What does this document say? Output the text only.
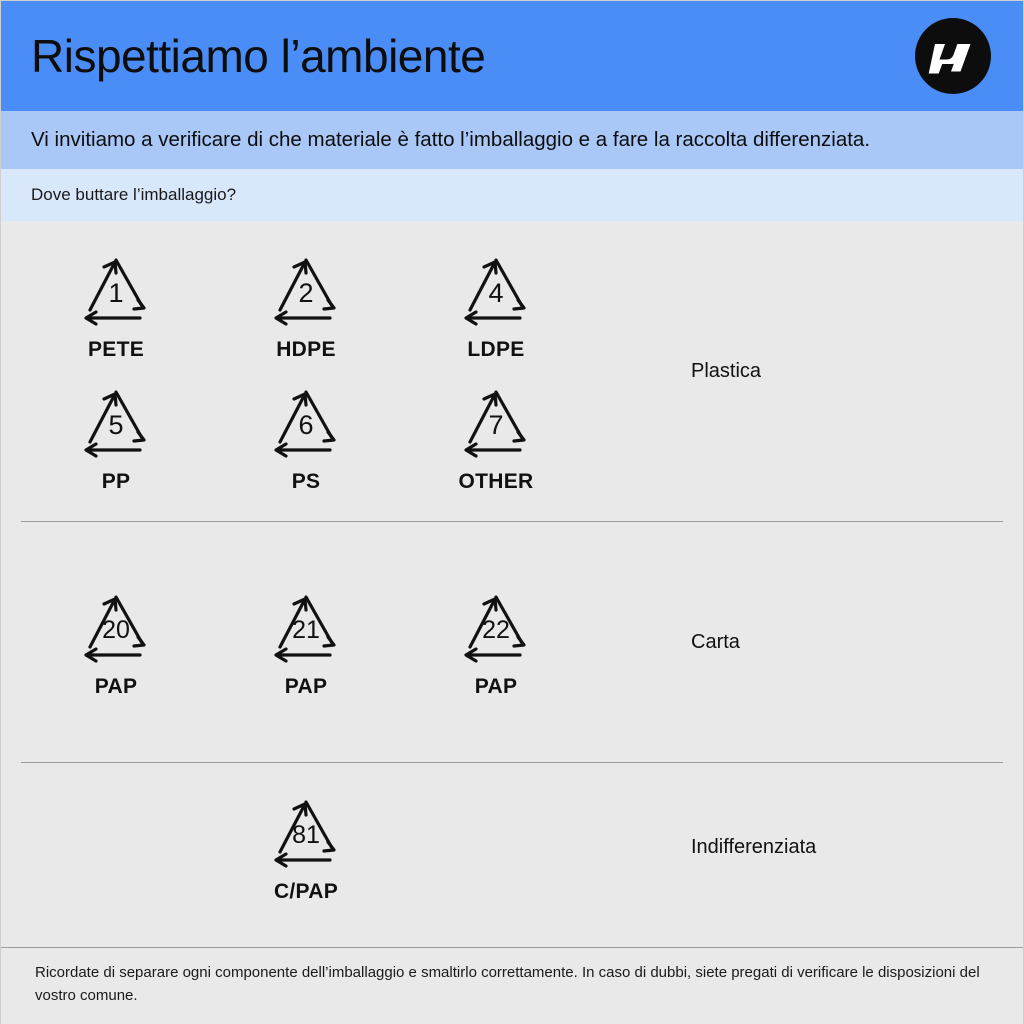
Rispettiamo l’ambiente
Vi invitiamo a verificare di che materiale è fatto l’imballaggio e a fare la raccolta differenziata.
Dove buttare l’imballaggio?
1
PETE
2
HDPE
4
LDPE
5
PP
6
PS
7
OTHER
Plastica
20
PAP
21
PAP
22
PAP
Carta
81
C/PAP
Indifferenziata
Ricordate di separare ogni componente dell’imballaggio e smaltirlo correttamente. In caso di dubbi, siete pregati di verificare le disposizioni del vostro comune.
